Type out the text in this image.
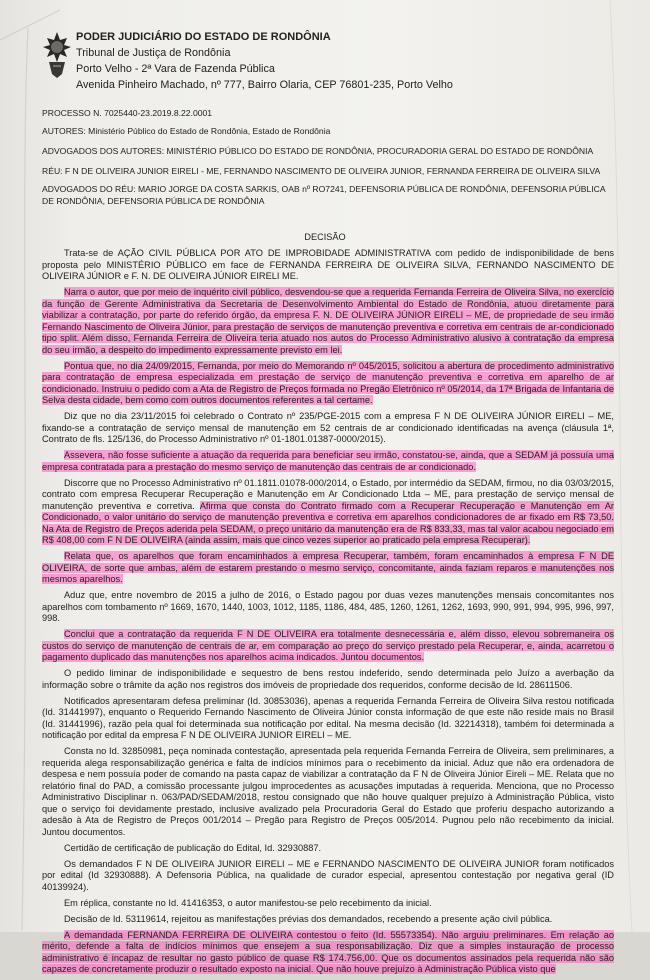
PODER JUDICIÁRIO DO ESTADO DE RONDÔNIA
Tribunal de Justiça de Rondônia
Porto Velho - 2ª Vara de Fazenda Pública
Avenida Pinheiro Machado, nº 777, Bairro Olaria, CEP 76801-235, Porto Velho
PROCESSO N. 7025440-23.2019.8.22.0001
AUTORES: Ministério Público do Estado de Rondônia, Estado de Rondônia
ADVOGADOS DOS AUTORES: MINISTÉRIO PÚBLICO DO ESTADO DE RONDÔNIA, PROCURADORIA GERAL DO ESTADO DE RONDÔNIA
RÉU: F N DE OLIVEIRA JUNIOR EIRELI - ME, FERNANDO NASCIMENTO DE OLIVEIRA JUNIOR, FERNANDA FERREIRA DE OLIVEIRA SILVA
ADVOGADOS DO RÉU: MARIO JORGE DA COSTA SARKIS, OAB nº RO7241, DEFENSORIA PÚBLICA DE RONDÔNIA, DEFENSORIA PÚBLICA
DE RONDÔNIA, DEFENSORIA PÚBLICA DE RONDÔNIA
DECISÃO

Trata-se de AÇÃO CIVIL PÚBLICA POR ATO DE IMPROBIDADE ADMINISTRATIVA com pedido de indisponibilidade de bens proposta pelo MINISTÉRIO PÚBLICO em face de FERNANDA FERREIRA DE OLIVEIRA SILVA, FERNANDO NASCIMENTO DE OLIVEIRA JÚNIOR e F. N. DE OLIVEIRA JÚNIOR EIRELI ME.

Narra o autor, que por meio de inquérito civil público, desvendou-se que a requerida Fernanda Ferreira de Oliveira Silva, no exercício da função de Gerente Administrativa da Secretaria de Desenvolvimento Ambiental do Estado de Rondônia, atuou diretamente para viabilizar a contratação, por parte do referido órgão, da empresa F. N. DE OLIVEIRA JÚNIOR EIRELI – ME, de propriedade de seu irmão Fernando Nascimento de Oliveira Júnior, para prestação de serviços de manutenção preventiva e corretiva em centrais de ar-condicionado tipo split. Além disso, Fernanda Ferreira de Oliveira teria atuado nos autos do Processo Administrativo alusivo à contratação da empresa do seu irmão, a despeito do impedimento expressamente previsto em lei.

Pontua que, no dia 24/09/2015, Fernanda, por meio do Memorando nº 045/2015, solicitou a abertura de procedimento administrativo para contratação de empresa especializada em prestação de serviço de manutenção preventiva e corretiva em aparelho de ar condicionado. Instruiu o pedido com a Ata de Registro de Preços formada no Pregão Eletrônico nº 05/2014, da 17ª Brigada de Infantaria de Selva desta cidade, bem como com outros documentos referentes a tal certame.

Diz que no dia 23/11/2015 foi celebrado o Contrato nº 235/PGE-2015 com a empresa F N DE OLIVEIRA JÚNIOR EIRELI – ME, fixando-se a contratação de serviço mensal de manutenção em 52 centrais de ar condicionado identificadas na avença (cláusula 1ª, Contrato de fls. 125/136, do Processo Administrativo nº 01-1801.01387-0000/2015).

Assevera, não fosse suficiente a atuação da requerida para beneficiar seu irmão, constatou-se, ainda, que a SEDAM já possuía uma empresa contratada para a prestação do mesmo serviço de manutenção das centrais de ar condicionado.

Discorre que no Processo Administrativo nº 01.1811.01078-000/2014, o Estado, por intermédio da SEDAM, firmou, no dia 03/03/2015, contrato com empresa Recuperar Recuperação e Manutenção em Ar Condicionado Ltda – ME, para prestação de serviço mensal de manutenção preventiva e corretiva. Afirma que consta do Contrato firmado com a Recuperar Recuperação e Manutenção em Ar Condicionado, o valor unitário do serviço de manutenção preventiva e corretiva em aparelhos condicionadores de ar fixado em R$ 73,50. Na Ata de Registro de Preços aderida pela SEDAM, o preço unitário da manutenção era de R$ 833,33, mas tal valor acabou negociado em R$ 408,00 com F N DE OLIVEIRA (ainda assim, mais que cinco vezes superior ao praticado pela empresa Recuperar).

Relata que, os aparelhos que foram encaminhados à empresa Recuperar, também, foram encaminhados à empresa F N DE OLIVEIRA, de sorte que ambas, além de estarem prestando o mesmo serviço, concomitante, ainda faziam reparos e manutenções nos mesmos aparelhos.

Aduz que, entre novembro de 2015 a julho de 2016, o Estado pagou por duas vezes manutenções mensais concomitantes nos aparelhos com tombamento nº 1669, 1670, 1440, 1003, 1012, 1185, 1186, 484, 485, 1260, 1261, 1262, 1693, 990, 991, 994, 995, 996, 997, 998.

Conclui que a contratação da requerida F N DE OLIVEIRA era totalmente desnecessária e, além disso, elevou sobremaneira os custos do serviço de manutenção de centrais de ar, em comparação ao preço do serviço prestado pela Recuperar, e, ainda, acarretou o pagamento duplicado das manutenções nos aparelhos acima indicados. Juntou documentos.

O pedido liminar de indisponibilidade e sequestro de bens restou indeferido, sendo determinada pelo Juízo a averbação da informação sobre o trâmite da ação nos registros dos imóveis de propriedade dos requeridos, conforme decisão de Id. 28611506.

Notificados apresentaram defesa preliminar (Id. 30853036), apenas a requerida Fernanda Ferreira de Oliveira Silva restou notificada (Id. 31441997), enquanto o Requerido Fernando Nascimento de Oliveira Júnior consta informação de que este não reside mais no Brasil (Id. 31441996), razão pela qual foi determinada sua notificação por edital. Na mesma decisão (Id. 32214318), também foi determinada a notificação por edital da empresa F N DE OLIVEIRA JUNIOR EIRELI – ME.

Consta no Id. 32850981, peça nominada contestação, apresentada pela requerida Fernanda Ferreira de Oliveira, sem preliminares, a requerida alega responsabilização genérica e falta de indícios mínimos para o recebimento da inicial. Aduz que não era ordenadora de despesa e nem possuía poder de comando na pasta capaz de viabilizar a contratação da F N de Oliveira Júnior Eireli – ME. Relata que no relatório final do PAD, a comissão processante julgou improcedentes as acusações imputadas à requerida. Menciona, que no Processo Administrativo Disciplinar n. 063/PAD/SEDAM/2018, restou consignado que não houve qualquer prejuízo à Administração Pública, visto que o serviço foi devidamente prestado, inclusive avalizado pela Procuradoria Geral do Estado que proferiu despacho autorizando a adesão à Ata de Registro de Preços 001/2014 – Pregão para Registro de Preços 005/2014. Pugnou pelo não recebimento da inicial. Juntou documentos.

Certidão de certificação de publicação do Edital, Id. 32930887.

Os demandados F N DE OLIVEIRA JUNIOR EIRELI – ME e FERNANDO NASCIMENTO DE OLIVEIRA JUNIOR foram notificados por edital (Id 32930888). A Defensoria Pública, na qualidade de curador especial, apresentou contestação por negativa geral (ID 40139924).

Em réplica, constante no Id. 41416353, o autor manifestou-se pelo recebimento da inicial.

Decisão de Id. 53119614, rejeitou as manifestações prévias dos demandados, recebendo a presente ação civil pública.

A demandada FERNANDA FERREIRA DE OLIVEIRA contestou o feito (Id. 55573354). Não arguiu preliminares. Em relação ao mérito, defende a falta de indícios mínimos que ensejem a sua responsabilização. Diz que a simples instauração de processo administrativo é incapaz de resultar no gasto público de quase R$ 174.756,00. Que os documentos assinados pela requerida não são capazes de concretamente produzir o resultado exposto na inicial. Que não houve prejuízo à Administração Pública visto que
